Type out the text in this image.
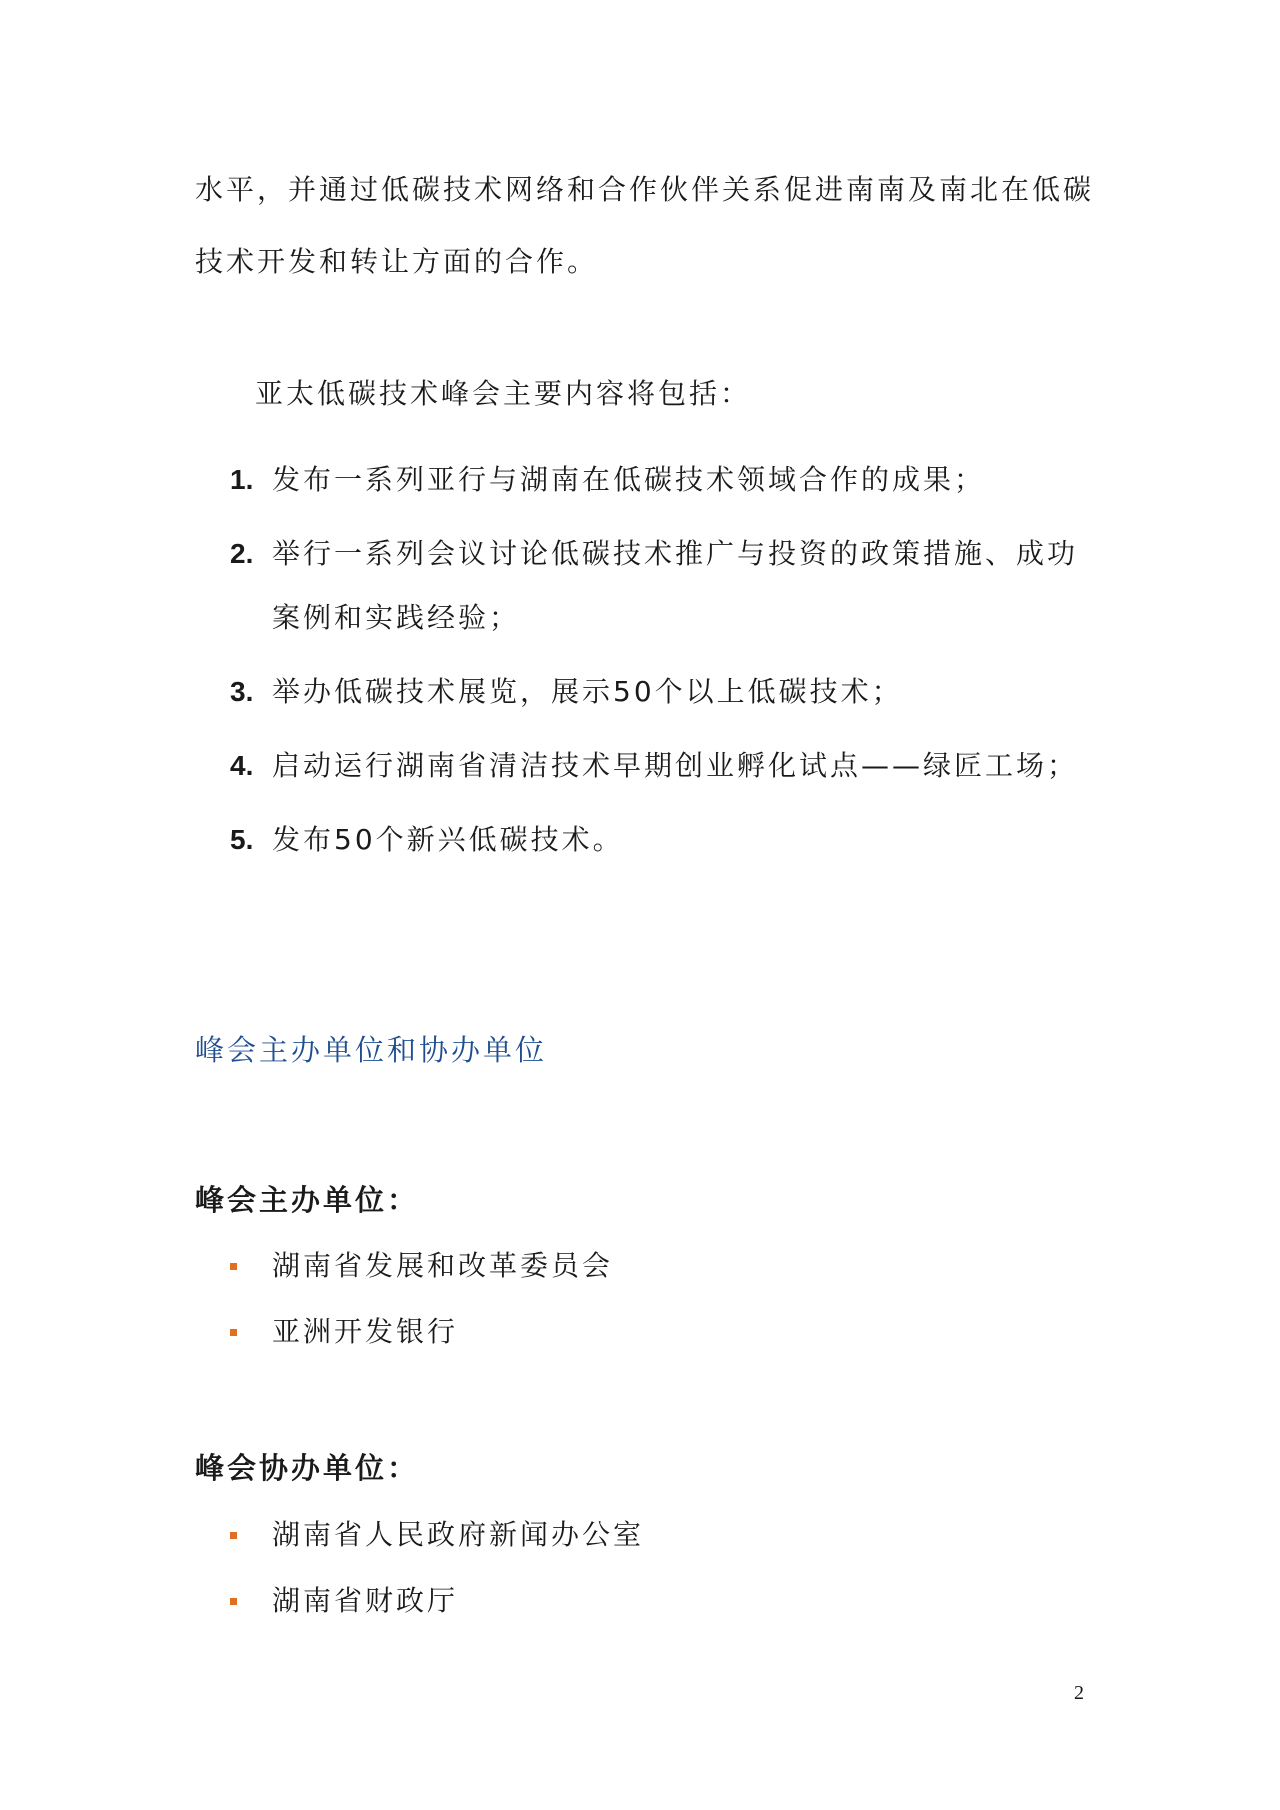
水平，并通过低碳技术网络和合作伙伴关系促进南南及南北在低碳技术开发和转让方面的合作。

亚太低碳技术峰会主要内容将包括：

1. 发布一系列亚行与湖南在低碳技术领域合作的成果；
2. 举行一系列会议讨论低碳技术推广与投资的政策措施、成功案例和实践经验；
3. 举办低碳技术展览，展示50个以上低碳技术；
4. 启动运行湖南省清洁技术早期创业孵化试点——绿匠工场；
5. 发布50个新兴低碳技术。
峰会主办单位和协办单位
峰会主办单位：
湖南省发展和改革委员会
亚洲开发银行
峰会协办单位：
湖南省人民政府新闻办公室
湖南省财政厅

2
